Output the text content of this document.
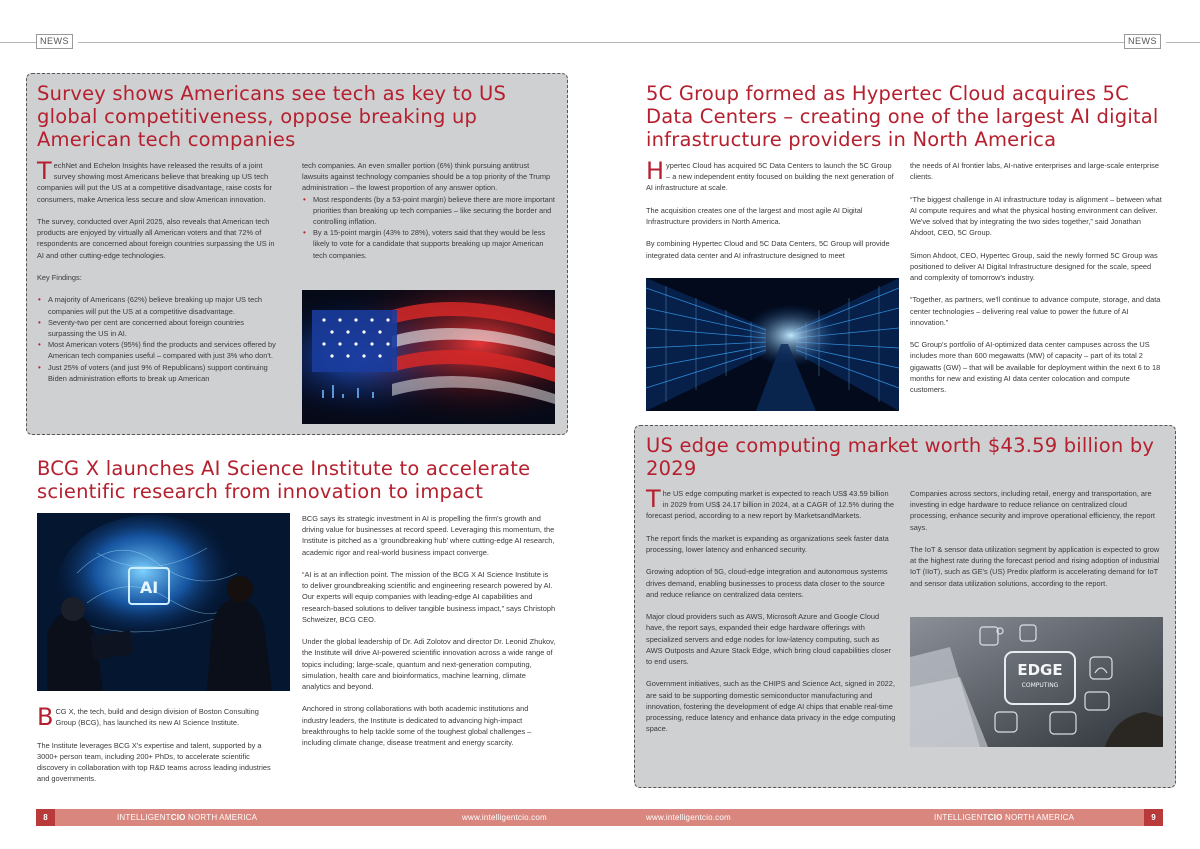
NEWS	NEWS
Survey shows Americans see tech as key to US global competitiveness, oppose breaking up American tech companies

TechNet and Echelon Insights have released the results of a joint survey showing most Americans believe that breaking up US tech companies will put the US at a competitive disadvantage, raise costs for consumers, make America less secure and slow American innovation.

The survey, conducted over April 2025, also reveals that American tech products are enjoyed by virtually all American voters and that 72% of respondents are concerned about foreign countries surpassing the US in AI and other cutting-edge technologies.

Key Findings:

• A majority of Americans (62%) believe breaking up major US tech companies will put the US at a competitive disadvantage.
• Seventy-two per cent are concerned about foreign countries surpassing the US in AI.
• Most American voters (95%) find the products and services offered by American tech companies useful – compared with just 3% who don't.
• Just 25% of voters (and just 9% of Republicans) support continuing Biden administration efforts to break up American

tech companies. An even smaller portion (6%) think pursuing antitrust lawsuits against technology companies should be a top priority of the Trump administration – the lowest proportion of any answer option.

• Most respondents (by a 53-point margin) believe there are more important priorities than breaking up tech companies – like securing the border and controlling inflation.
• By a 15-point margin (43% to 28%), voters said that they would be less likely to vote for a candidate that supports breaking up major American tech companies.
BCG X launches AI Science Institute to accelerate scientific research from innovation to impact
AI

BCG X, the tech, build and design division of Boston Consulting Group (BCG), has launched its new AI Science Institute.

The Institute leverages BCG X's expertise and talent, supported by a 3000+ person team, including 200+ PhDs, to accelerate scientific discovery in collaboration with top R&D teams across leading industries and governments.

BCG says its strategic investment in AI is propelling the firm's growth and driving value for businesses at record speed. Leveraging this momentum, the Institute is pitched as a ‘groundbreaking hub’ where cutting-edge AI research, academic rigor and real-world business impact converge.

“AI is at an inflection point. The mission of the BCG X AI Science Institute is to deliver groundbreaking scientific and engineering research powered by AI. Our experts will equip companies with leading-edge AI capabilities and research-based solutions to deliver tangible business impact,” says Christoph Schweizer, BCG CEO.

Under the global leadership of Dr. Adi Zolotov and director Dr. Leonid Zhukov, the Institute will drive AI-powered scientific innovation across a wide range of topics including; large-scale, quantum and next-generation computing, simulation, health care and bioinformatics, machine learning, climate analytics and beyond.

Anchored in strong collaborations with both academic institutions and industry leaders, the Institute is dedicated to advancing high-impact breakthroughs to help tackle some of the toughest global challenges – including climate change, disease treatment and energy scarcity.

5C Group formed as Hypertec Cloud acquires 5C Data Centers – creating one of the largest AI digital infrastructure providers in North America

Hypertec Cloud has acquired 5C Data Centers to launch the 5C Group – a new independent entity focused on building the next generation of AI infrastructure at scale.

The acquisition creates one of the largest and most agile AI Digital Infrastructure providers in North America.

By combining Hypertec Cloud and 5C Data Centers, 5C Group will provide integrated data center and AI infrastructure designed to meet

the needs of AI frontier labs, AI-native enterprises and large-scale enterprise clients.

“The biggest challenge in AI infrastructure today is alignment – between what AI compute requires and what the physical hosting environment can deliver. We've solved that by integrating the two sides together,” said Jonathan Ahdoot, CEO, 5C Group.

Simon Ahdoot, CEO, Hypertec Group, said the newly formed 5C Group was positioned to deliver AI Digital Infrastructure designed for the scale, speed and complexity of tomorrow's industry.

“Together, as partners, we'll continue to advance compute, storage, and data center technologies – delivering real value to power the future of AI innovation.”

5C Group's portfolio of AI-optimized data center campuses across the US includes more than 600 megawatts (MW) of capacity – part of its total 2 gigawatts (GW) – that will be available for deployment within the next 6 to 18 months for new and existing AI data center colocation and compute customers.

US edge computing market worth $43.59 billion by 2029

The US edge computing market is expected to reach US$ 43.59 billion in 2029 from US$ 24.17 billion in 2024, at a CAGR of 12.5% during the forecast period, according to a new report by MarketsandMarkets.

The report finds the market is expanding as organizations seek faster data processing, lower latency and enhanced security.

Growing adoption of 5G, cloud-edge integration and autonomous systems drives demand, enabling businesses to process data closer to the source and reduce reliance on centralized data centers.

Major cloud providers such as AWS, Microsoft Azure and Google Cloud have, the report says, expanded their edge hardware offerings with specialized servers and edge nodes for low-latency computing, such as AWS Outposts and Azure Stack Edge, which bring cloud capabilities closer to end users.

Government initiatives, such as the CHIPS and Science Act, signed in 2022, are said to be supporting domestic semiconductor manufacturing and innovation, fostering the development of edge AI chips that enable real-time processing, reduce latency and enhance data privacy in the edge computing space.

Companies across sectors, including retail, energy and transportation, are investing in edge hardware to reduce reliance on centralized cloud processing, enhance security and improve operational efficiency, the report says.

The IoT & sensor data utilization segment by application is expected to grow at the highest rate during the forecast period and rising adoption of industrial IoT (IIoT), such as GE's (US) Predix platform is accelerating demand for IoT and sensor data utilization solutions, according to the report.

EDGE
COMPUTING
8	9
INTELLIGENTCIO NORTH AMERICA	www.intelligentcio.com	www.intelligentcio.com	INTELLIGENTCIO NORTH AMERICA
